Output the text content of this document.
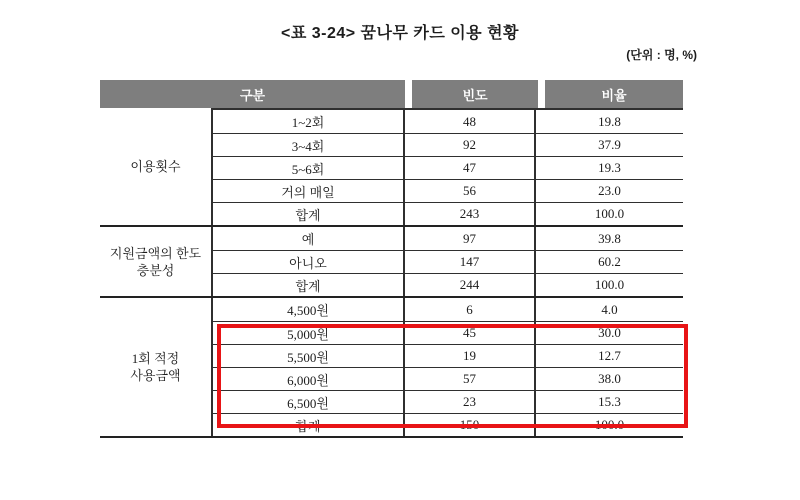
<표 3-24> 꿈나무 카드 이용 현황
(단위 : 명, %)
구분	빈도	비율
이용횟수
1~2회	48	19.8
3~4회	92	37.9
5~6회	47	19.3
거의 매일	56	23.0
합계	243	100.0
지원금액의 한도
충분성
예	97	39.8
아니오	147	60.2
합계	244	100.0
1회 적정
사용금액
4,500원	6	4.0
5,000원	45	30.0
5,500원	19	12.7
6,000원	57	38.0
6,500원	23	15.3
합계	150	100.0
